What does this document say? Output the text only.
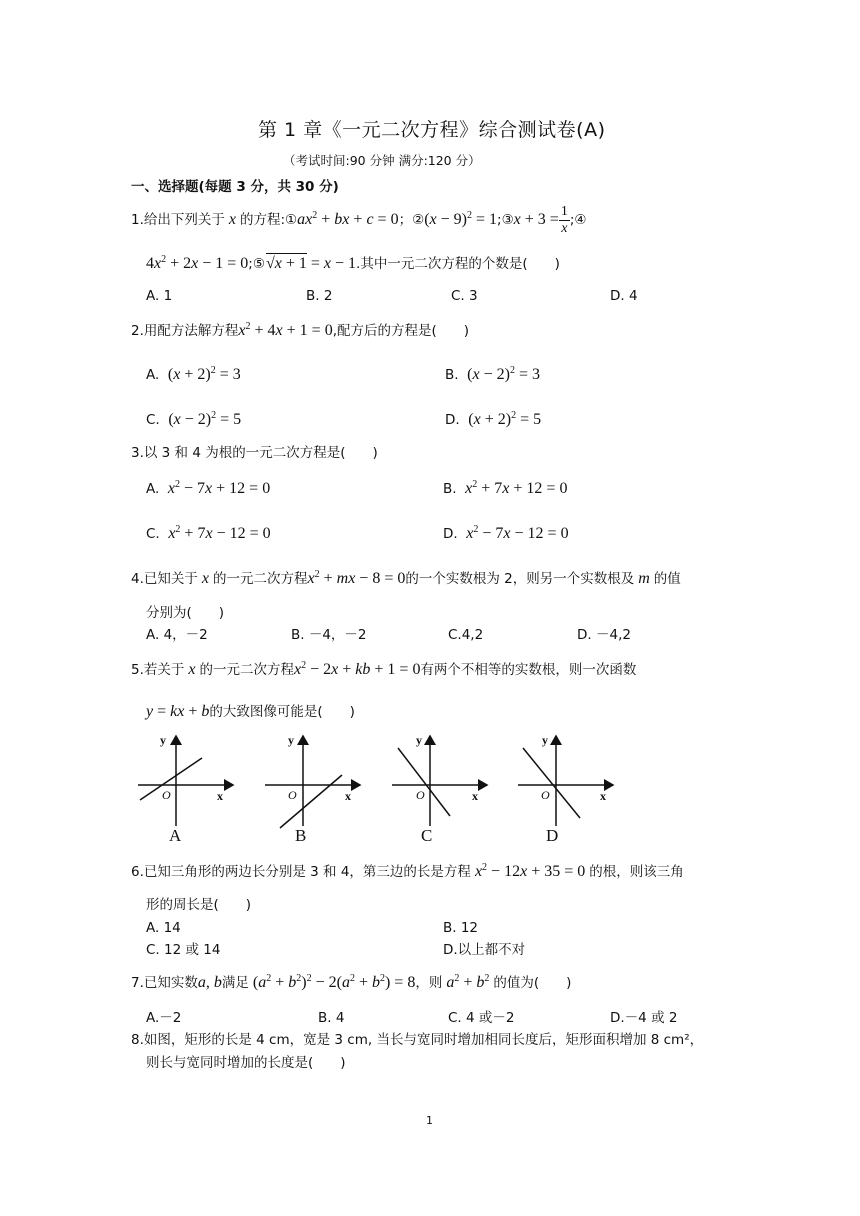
第 1 章《一元二次方程》综合测试卷(A)
（考试时间:90 分钟 满分:120 分）
一、选择题(每题 3 分，共 30 分)
1. 给出下列关于 x 的方程:① $ax^2$ + bx + c = 0 ；② $(x - 9)^2 = 1$ ;③ $x + 3 = \frac{1}{x}$ ;④
$4x^2 + 2x - 1$ = 0;⑤√x + 1 = x − 1.其中一元二次方程的个数是(　　)
A. 1	B. 2	C. 3	D. 4
2.用配方法解方程$x^2 + 4x + 1 = 0$,配方后的方程是(　　)
A. $(x + 2)^2 = 3$	B. $(x - 2)^2 = 3$
C. $(x - 2)^2 = 5$	D. $(x + 2)^2 = 5$
3.以 3 和 4 为根的一元二次方程是(　　)
A. $x^2 - 7x + 12 = 0$	B. $x^2 + 7x + 12 = 0$
C. $x^2 + 7x - 12 = 0$	D. $x^2 - 7x - 12 = 0$
4.已知关于 x 的一元二次方程$x^2$ + mx − 8 = 0的一个实数根为 2，则另一个实数根及 m 的值
分别为(　　)
A. 4，－2	B. －4，－2	C.4,2	D. －4,2
5.若关于 x 的一元二次方程$x^2 - 2x$ + kb + 1 = 0有两个不相等的实数根，则一次函数
y = kx + b的大致图像可能是(　　)
y
x
O
A
y
x
O
B
y
x
O
C
y
x
O
D
6.已知三角形的两边长分别是 3 和 4，第三边的长是方程 $x^2 - 12x + 35 = 0$ 的根，则该三角
形的周长是(　　)
A. 14	B. 12
C. 12 或 14	D.以上都不对
7.已知实数a, b满足 $(a^2 + b^2)^2 - 2(a^2 + b^2) = 8$，则 $a^2 + b^2$ 的值为(　　)
A.－2	B. 4	C. 4 或－2	D.－4 或 2
8.如图，矩形的长是 4 cm，宽是 3 cm, 当长与宽同时增加相同长度后，矩形面积增加 8 cm²，
则长与宽同时增加的长度是(　　)
1
